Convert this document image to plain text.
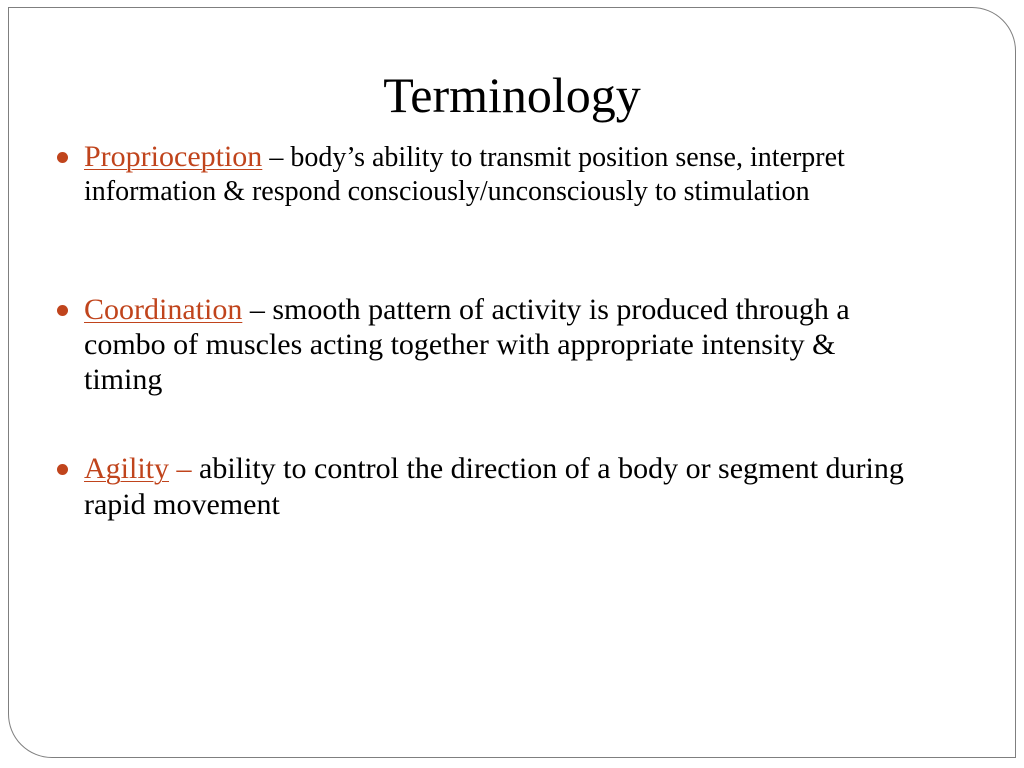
Terminology
Proprioception – body’s ability to transmit position sense, interpret information & respond consciously/unconsciously to stimulation
Coordination – smooth pattern of activity is produced through a combo of muscles acting together with appropriate intensity & timing
Agility – ability to control the direction of a body or segment during rapid movement
